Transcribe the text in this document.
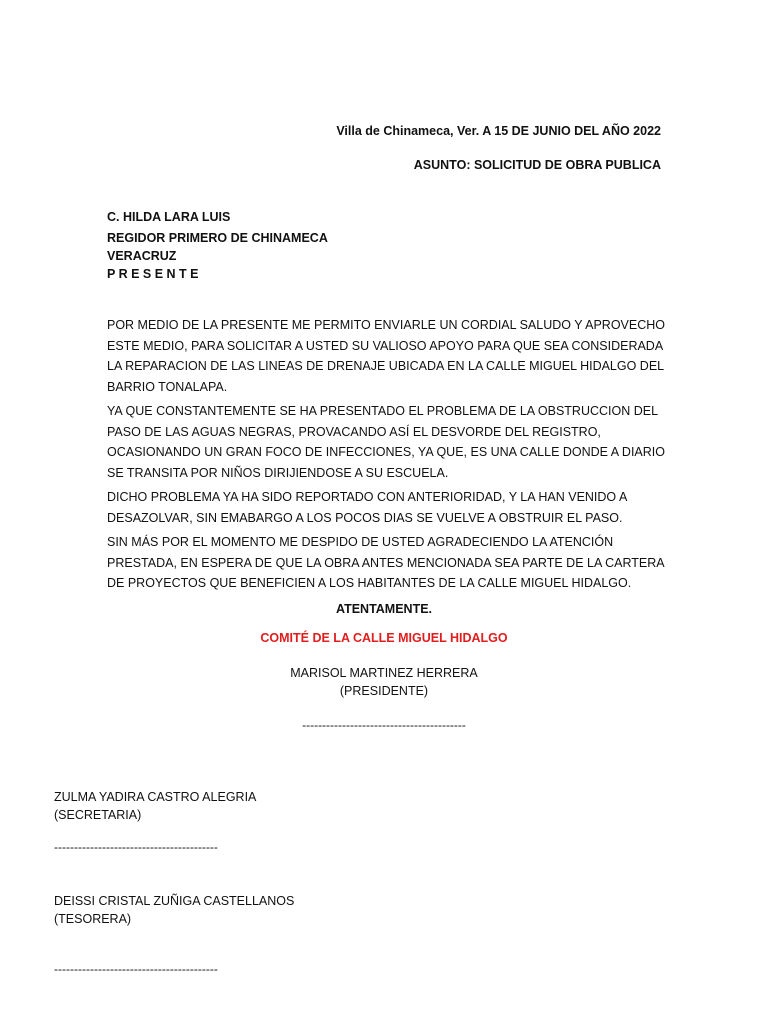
Villa de Chinameca, Ver. A 15 DE JUNIO DEL AÑO 2022

ASUNTO: SOLICITUD DE OBRA PUBLICA

C. HILDA LARA LUIS
REGIDOR PRIMERO DE CHINAMECA
VERACRUZ
P R E S E N T E

POR MEDIO DE LA PRESENTE ME PERMITO ENVIARLE UN CORDIAL SALUDO Y APROVECHO ESTE MEDIO, PARA SOLICITAR A USTED SU VALIOSO APOYO PARA QUE SEA CONSIDERADA LA REPARACION DE LAS LINEAS DE DRENAJE UBICADA EN LA CALLE MIGUEL HIDALGO DEL BARRIO TONALAPA.

YA QUE CONSTANTEMENTE SE HA PRESENTADO EL PROBLEMA DE LA OBSTRUCCION DEL PASO DE LAS AGUAS NEGRAS, PROVACANDO ASÍ EL DESVORDE DEL REGISTRO, OCASIONANDO UN GRAN FOCO DE INFECCIONES, YA QUE, ES UNA CALLE DONDE A DIARIO SE TRANSITA POR NIÑOS DIRIJIENDOSE A SU ESCUELA.

DICHO PROBLEMA YA HA SIDO REPORTADO CON ANTERIORIDAD, Y LA HAN VENIDO A DESAZOLVAR, SIN EMABARGO A LOS POCOS DIAS SE VUELVE A OBSTRUIR EL PASO.

SIN MÁS POR EL MOMENTO ME DESPIDO DE USTED AGRADECIENDO LA ATENCIÓN PRESTADA, EN ESPERA DE QUE LA OBRA ANTES MENCIONADA SEA PARTE DE LA CARTERA DE PROYECTOS QUE BENEFICIEN A LOS HABITANTES DE LA CALLE MIGUEL HIDALGO.

ATENTAMENTE.

COMITÉ DE LA CALLE MIGUEL HIDALGO

MARISOL MARTINEZ HERRERA

(PRESIDENTE)

-----------------------------------------

ZULMA YADIRA CASTRO ALEGRIA
(SECRETARIA)

-----------------------------------------

DEISSI CRISTAL ZUÑIGA CASTELLANOS
(TESORERA)

-----------------------------------------
